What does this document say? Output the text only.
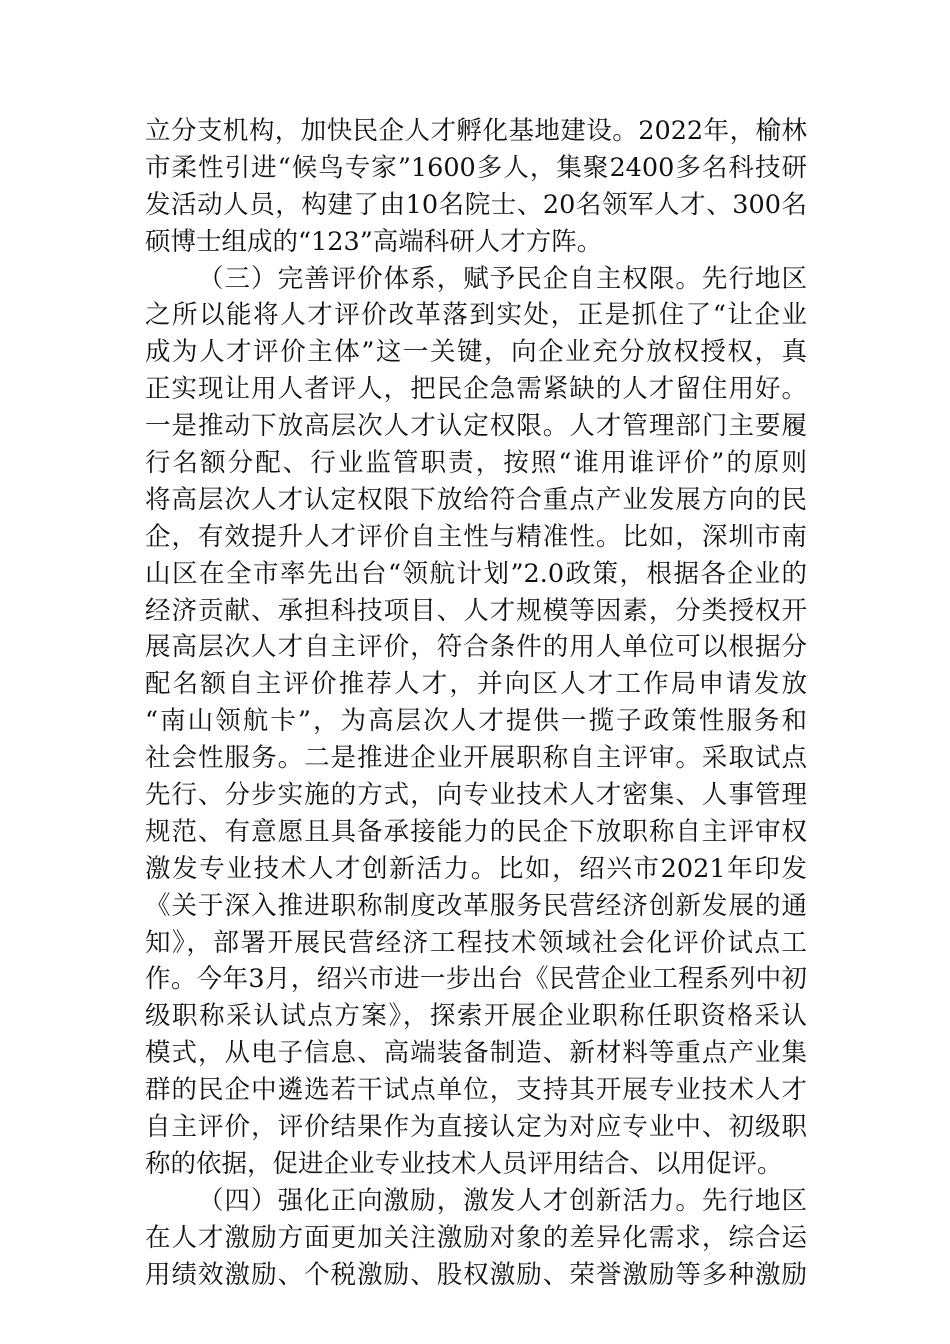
立分支机构，加快民企人才孵化基地建设。2022年，榆林
市柔性引进“候鸟专家”1600多人，集聚2400多名科技研
发活动人员，构建了由10名院士、20名领军人才、300名
硕博士组成的“123”高端科研人才方阵。
（三）完善评价体系，赋予民企自主权限。先行地区
之所以能将人才评价改革落到实处，正是抓住了“让企业
成为人才评价主体”这一关键，向企业充分放权授权，真
正实现让用人者评人，把民企急需紧缺的人才留住用好。
一是推动下放高层次人才认定权限。人才管理部门主要履
行名额分配、行业监管职责，按照“谁用谁评价”的原则
将高层次人才认定权限下放给符合重点产业发展方向的民
企，有效提升人才评价自主性与精准性。比如，深圳市南
山区在全市率先出台“领航计划”2.0政策，根据各企业的
经济贡献、承担科技项目、人才规模等因素，分类授权开
展高层次人才自主评价，符合条件的用人单位可以根据分
配名额自主评价推荐人才，并向区人才工作局申请发放
“南山领航卡”，为高层次人才提供一揽子政策性服务和
社会性服务。二是推进企业开展职称自主评审。采取试点
先行、分步实施的方式，向专业技术人才密集、人事管理
规范、有意愿且具备承接能力的民企下放职称自主评审权
激发专业技术人才创新活力。比如，绍兴市2021年印发
《关于深入推进职称制度改革服务民营经济创新发展的通
知》，部署开展民营经济工程技术领域社会化评价试点工
作。今年3月，绍兴市进一步出台《民营企业工程系列中初
级职称采认试点方案》，探索开展企业职称任职资格采认
模式，从电子信息、高端装备制造、新材料等重点产业集
群的民企中遴选若干试点单位，支持其开展专业技术人才
自主评价，评价结果作为直接认定为对应专业中、初级职
称的依据，促进企业专业技术人员评用结合、以用促评。
（四）强化正向激励，激发人才创新活力。先行地区
在人才激励方面更加关注激励对象的差异化需求，综合运
用绩效激励、个税激励、股权激励、荣誉激励等多种激励
